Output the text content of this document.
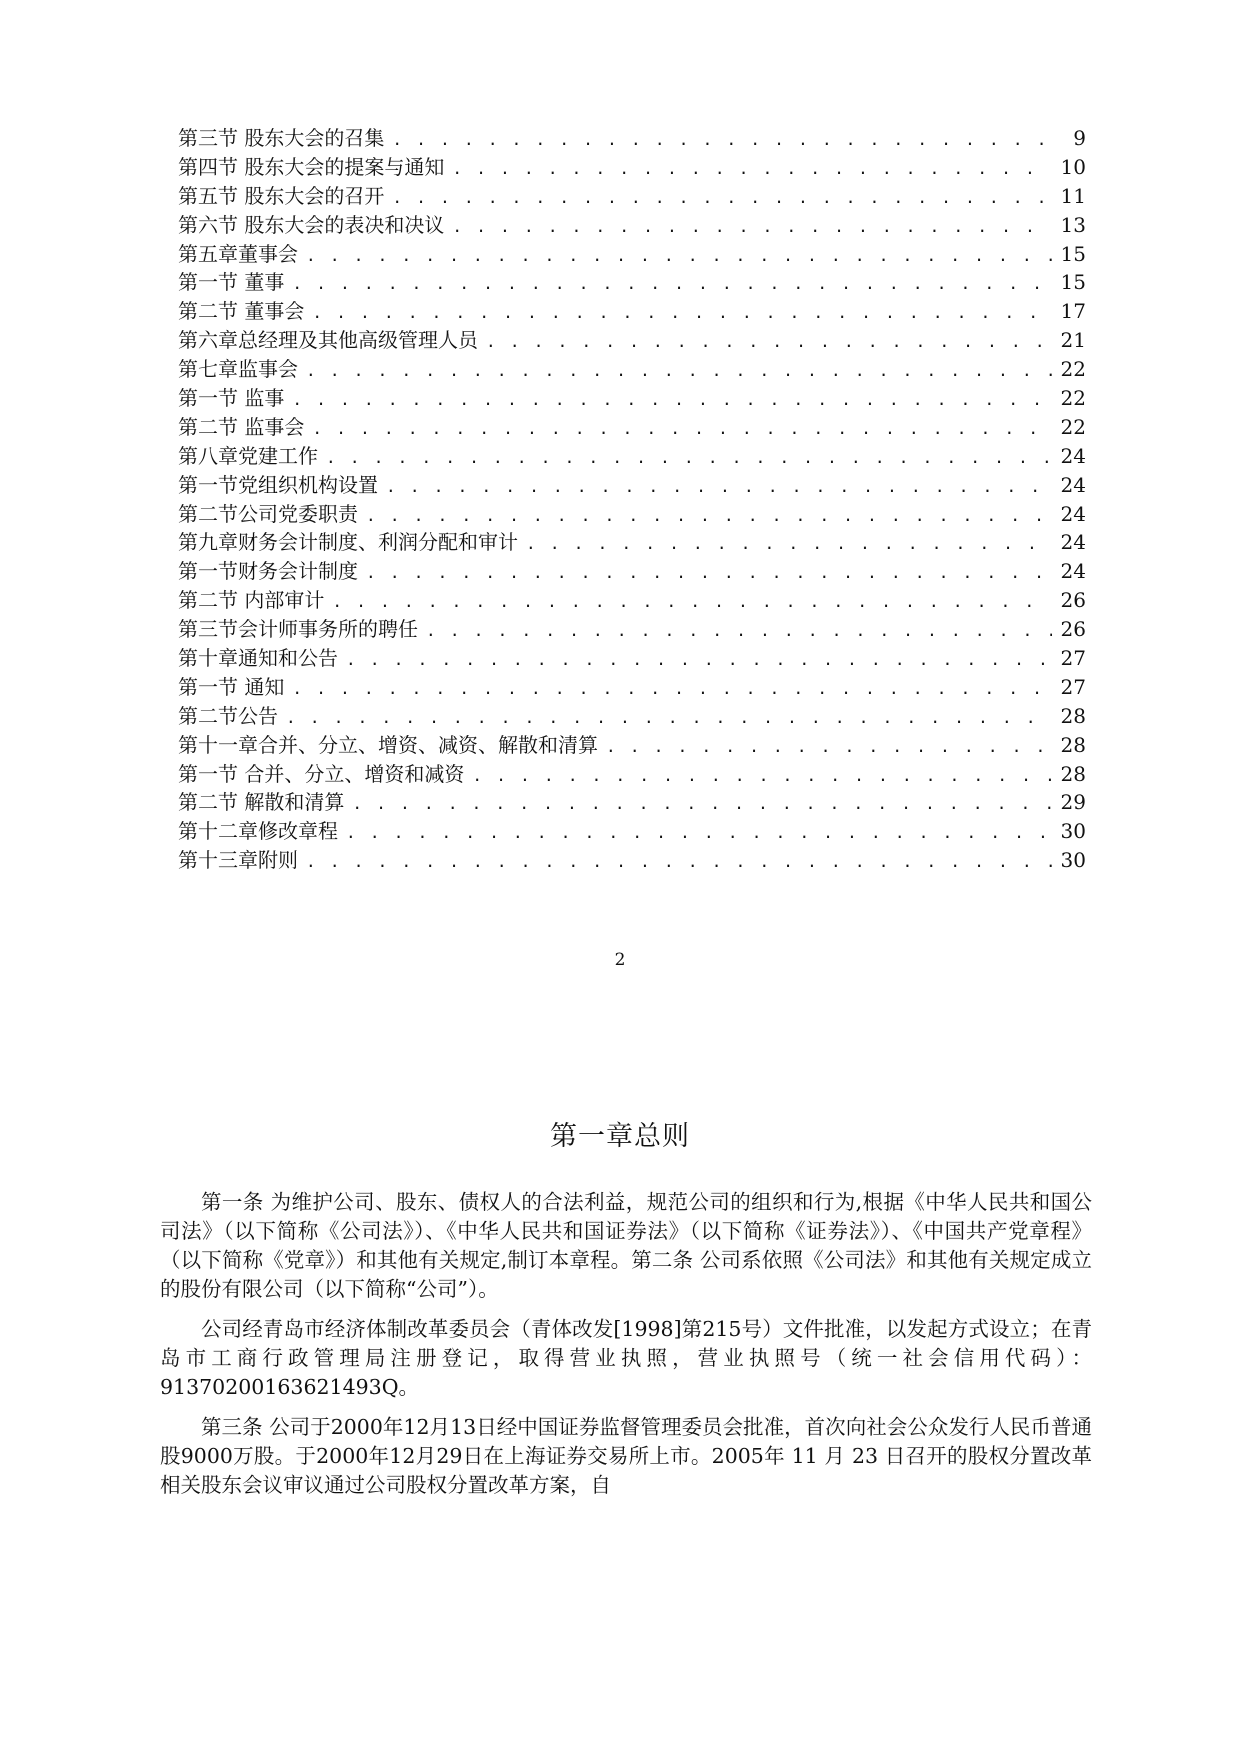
第三节 股东大会的召集 . . .	9
第四节 股东大会的提案与通知 . . .	10
第五节 股东大会的召开 . . .	11
第六节 股东大会的表决和决议 . . .	13
第五章董事会 . . .	15
第一节 董事 . . .	15
第二节 董事会 . . .	17
第六章总经理及其他高级管理人员 . . .	21
第七章监事会 . . .	22
第一节 监事 . . .	22
第二节 监事会 . . .	22
第八章党建工作 . . .	24
第一节党组织机构设置 . . .	24
第二节公司党委职责 . . .	24
第九章财务会计制度、利润分配和审计 . . .	24
第一节财务会计制度 . . .	24
第二节 内部审计 . . .	26
第三节会计师事务所的聘任 . . .	26
第十章通知和公告 . . .	27
第一节 通知 . . .	27
第二节公告 . . .	28
第十一章合并、分立、增资、减资、解散和清算 . . .	28
第一节 合并、分立、增资和减资 . . .	28
第二节 解散和清算 . . .	29
第十二章修改章程 . . .	30
第十三章附则 . . .	30
2
第一章总则

第一条 为维护公司、股东、债权人的合法利益，规范公司的组织和行为,根据《中华人民共和国公司法》（以下简称《公司法》）、《中华人民共和国证券法》（以下简称《证券法》）、《中国共产党章程》（以下简称《党章》）和其他有关规定,制订本章程。第二条 公司系依照《公司法》和其他有关规定成立的股份有限公司（以下简称“公司”）。

公司经青岛市经济体制改革委员会（青体改发[1998]第215号）文件批准，以发起方式设立；在青岛市工商行政管理局注册登记，取得营业执照，营业执照号（统一社会信用代码）：91370200163621493Q。

第三条 公司于2000年12月13日经中国证券监督管理委员会批准，首次向社会公众发行人民币普通股9000万股。于2000年12月29日在上海证券交易所上市。2005年 11 月 23 日召开的股权分置改革相关股东会议审议通过公司股权分置改革方案，自
